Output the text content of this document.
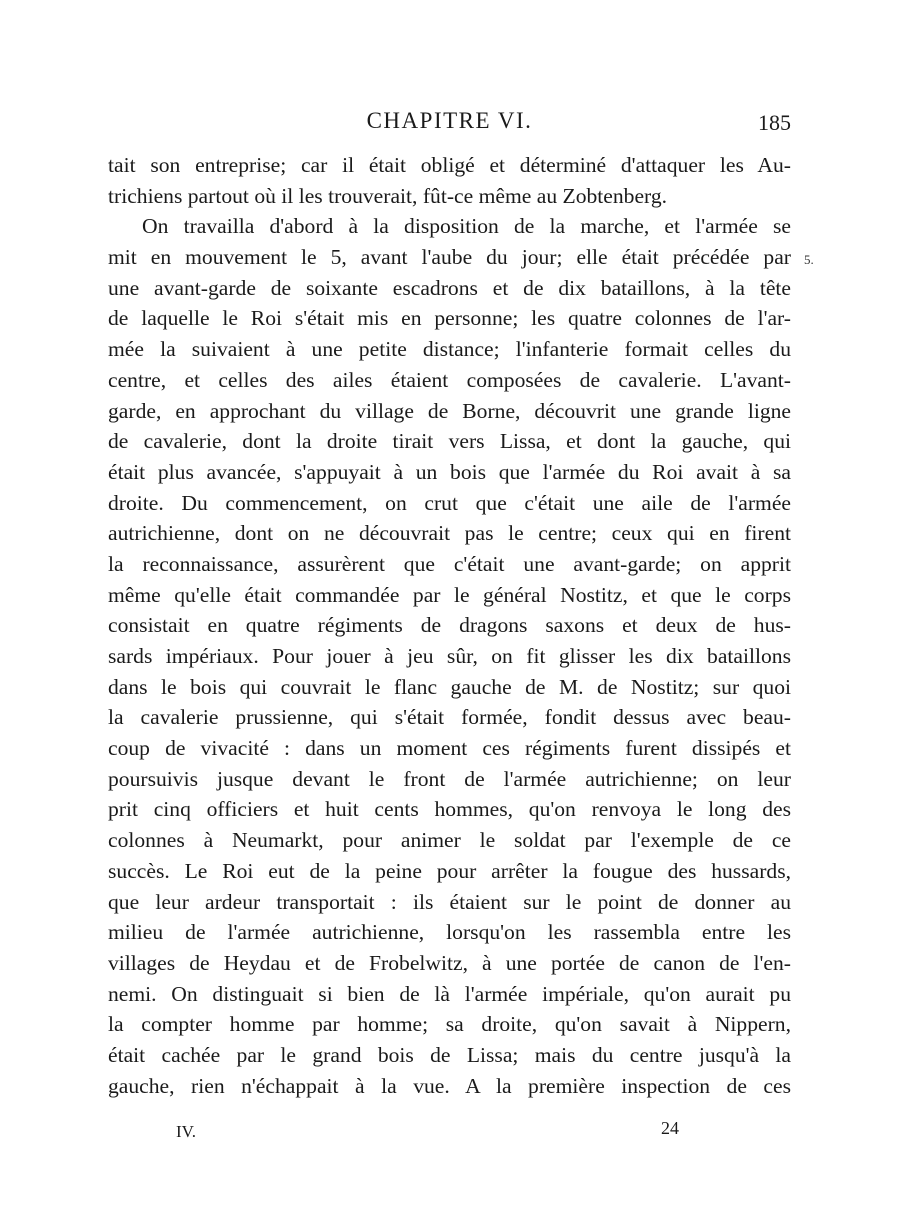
CHAPITRE VI.	185
5.
tait son entreprise; car il était obligé et déterminé d'attaquer les Au-
trichiens partout où il les trouverait, fût-ce même au Zobtenberg.
On travailla d'abord à la disposition de la marche, et l'armée se
mit en mouvement le 5, avant l'aube du jour; elle était précédée par
une avant-garde de soixante escadrons et de dix bataillons, à la tête
de laquelle le Roi s'était mis en personne; les quatre colonnes de l'ar-
mée la suivaient à une petite distance; l'infanterie formait celles du
centre, et celles des ailes étaient composées de cavalerie. L'avant-
garde, en approchant du village de Borne, découvrit une grande ligne
de cavalerie, dont la droite tirait vers Lissa, et dont la gauche, qui
était plus avancée, s'appuyait à un bois que l'armée du Roi avait à sa
droite. Du commencement, on crut que c'était une aile de l'armée
autrichienne, dont on ne découvrait pas le centre; ceux qui en firent
la reconnaissance, assurèrent que c'était une avant-garde; on apprit
même qu'elle était commandée par le général Nostitz, et que le corps
consistait en quatre régiments de dragons saxons et deux de hus-
sards impériaux. Pour jouer à jeu sûr, on fit glisser les dix bataillons
dans le bois qui couvrait le flanc gauche de M. de Nostitz; sur quoi
la cavalerie prussienne, qui s'était formée, fondit dessus avec beau-
coup de vivacité : dans un moment ces régiments furent dissipés et
poursuivis jusque devant le front de l'armée autrichienne; on leur
prit cinq officiers et huit cents hommes, qu'on renvoya le long des
colonnes à Neumarkt, pour animer le soldat par l'exemple de ce
succès. Le Roi eut de la peine pour arrêter la fougue des hussards,
que leur ardeur transportait : ils étaient sur le point de donner au
milieu de l'armée autrichienne, lorsqu'on les rassembla entre les
villages de Heydau et de Frobelwitz, à une portée de canon de l'en-
nemi. On distinguait si bien de là l'armée impériale, qu'on aurait pu
la compter homme par homme; sa droite, qu'on savait à Nippern,
était cachée par le grand bois de Lissa; mais du centre jusqu'à la
gauche, rien n'échappait à la vue. A la première inspection de ces
IV.	24
